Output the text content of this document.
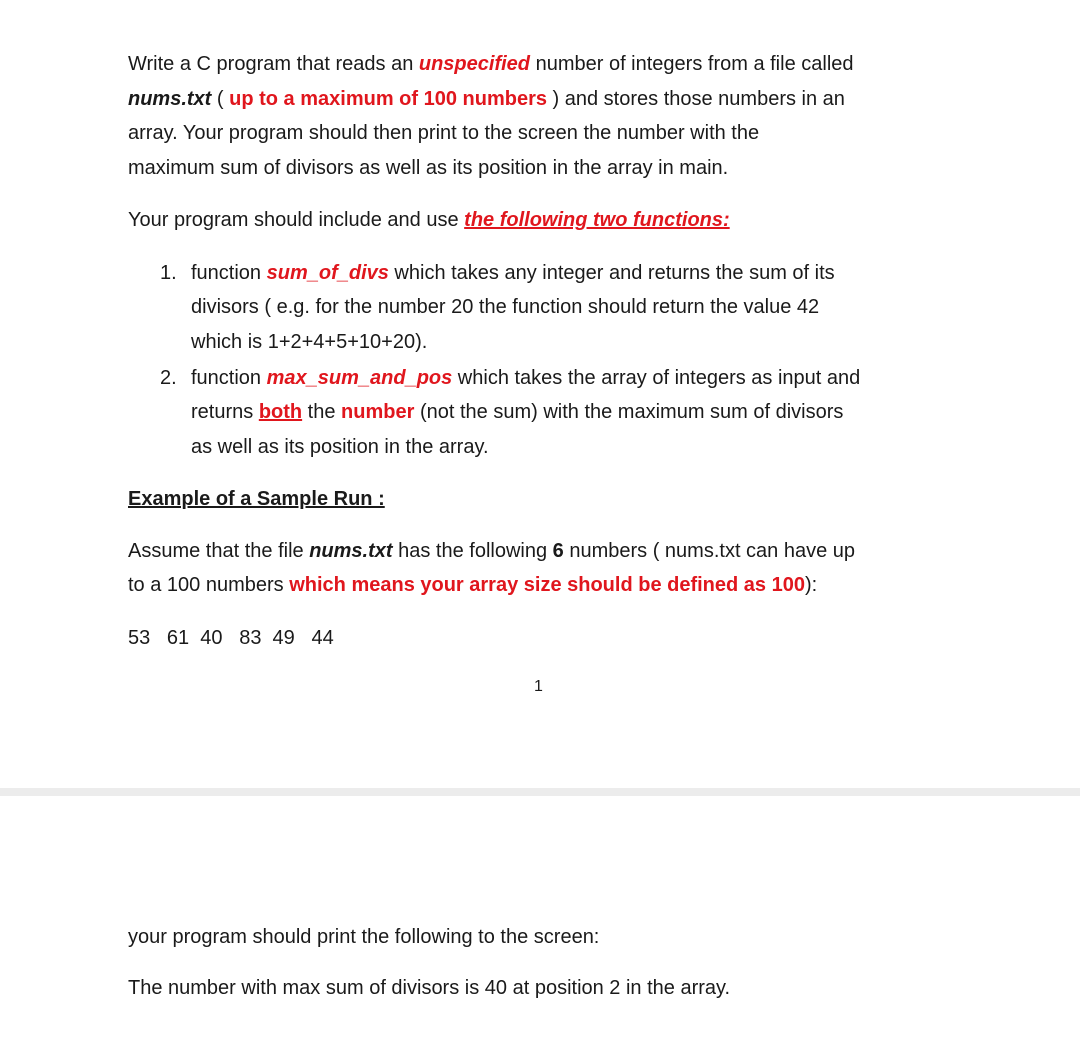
Write a C program that reads an unspecified number of integers from a file called
nums.txt ( up to a maximum of 100 numbers ) and stores those numbers in an
array. Your program should then print to the screen the number with the
maximum sum of divisors as well as its position in the array in main.
Your program should include and use the following two functions:
1. function sum_of_divs which takes any integer and returns the sum of its
divisors ( e.g. for the number 20 the function should return the value 42
which is 1+2+4+5+10+20).
2. function max_sum_and_pos which takes the array of integers as input and
returns both the number (not the sum) with the maximum sum of divisors
as well as its position in the array.
Example of a Sample Run :
Assume that the file nums.txt has the following 6 numbers ( nums.txt can have up
to a 100 numbers which means your array size should be defined as 100):
53   61  40   83  49   44
1
your program should print the following to the screen:
The number with max sum of divisors is 40 at position 2 in the array.
